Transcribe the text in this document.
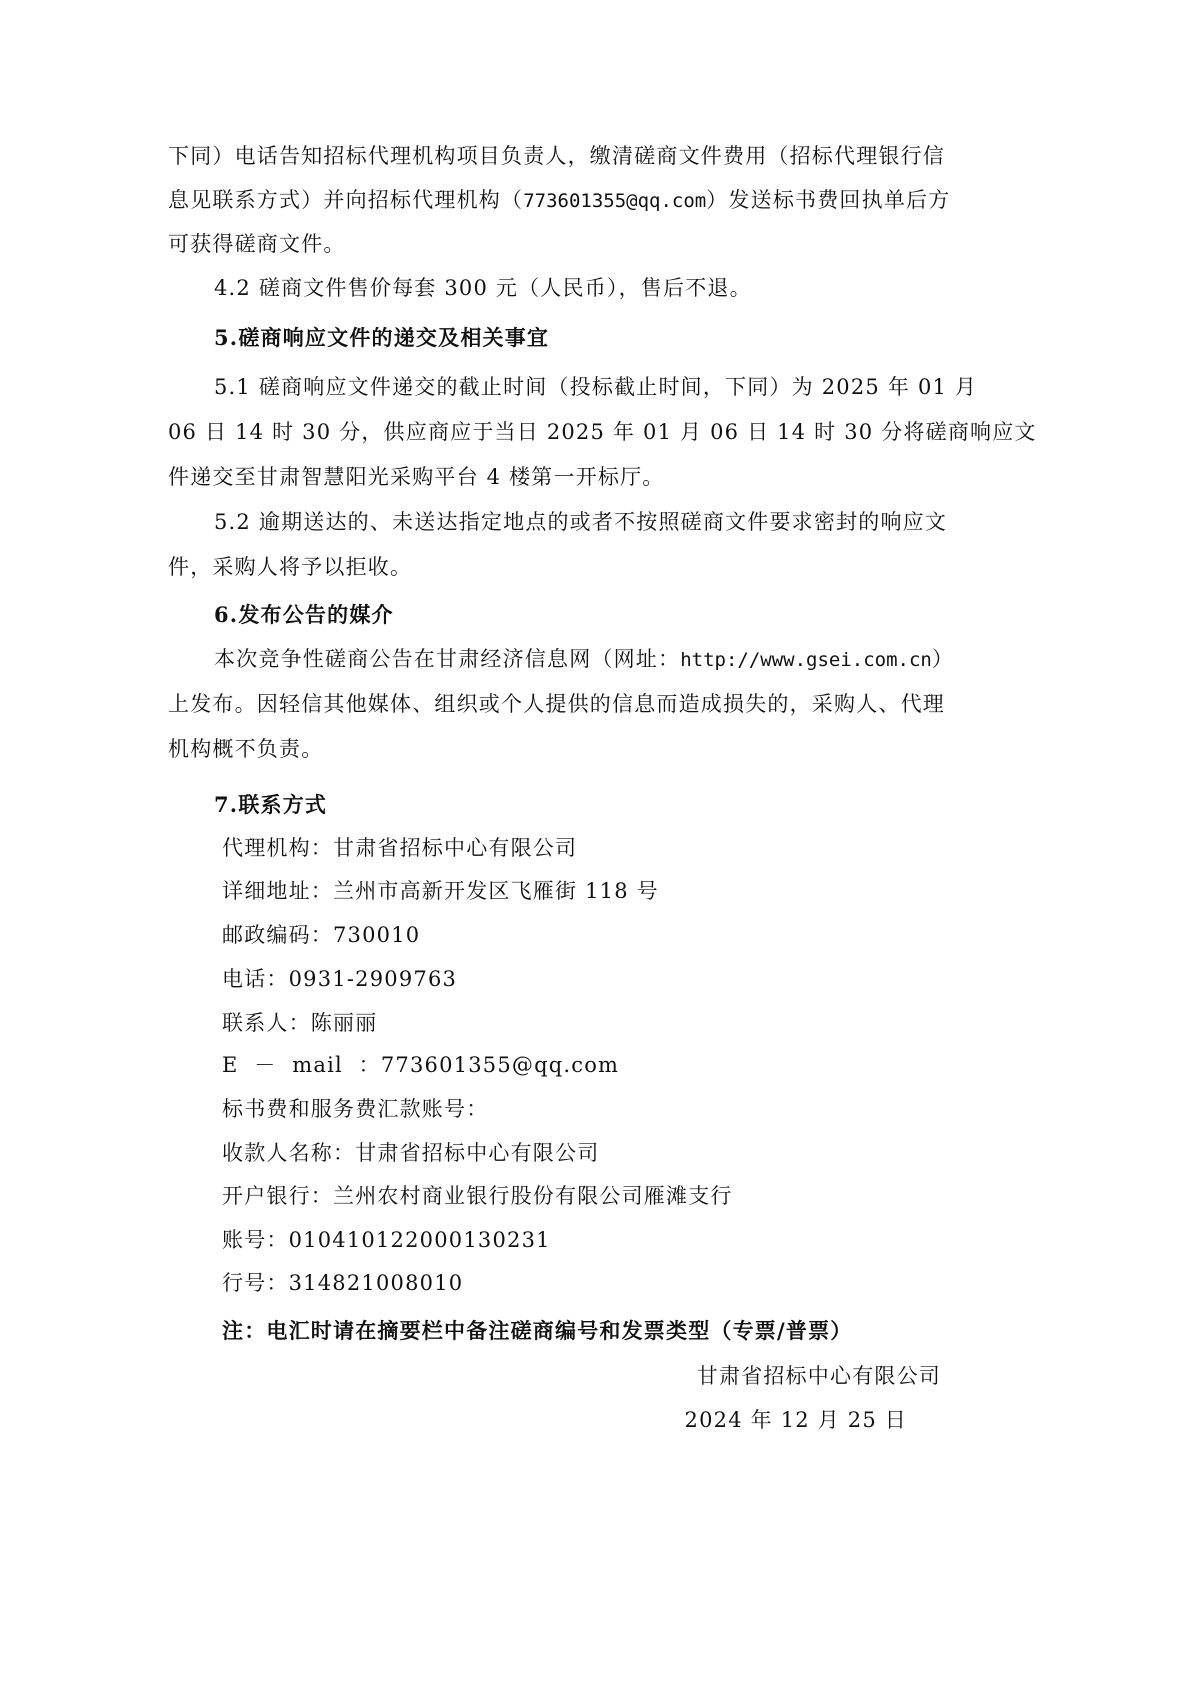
下同）电话告知招标代理机构项目负责人，缴清磋商文件费用（招标代理银行信
息见联系方式）并向招标代理机构（773601355@qq.com）发送标书费回执单后方
可获得磋商文件。
4.2 磋商文件售价每套 300 元（人民币），售后不退。
5.磋商响应文件的递交及相关事宜
5.1 磋商响应文件递交的截止时间（投标截止时间，下同）为 2025 年 01 月
06 日 14 时 30 分，供应商应于当日 2025 年 01 月 06 日 14 时 30 分将磋商响应文
件递交至甘肃智慧阳光采购平台 4 楼第一开标厅。
5.2 逾期送达的、未送达指定地点的或者不按照磋商文件要求密封的响应文
件，采购人将予以拒收。
6.发布公告的媒介
本次竞争性磋商公告在甘肃经济信息网（网址：http://www.gsei.com.cn）
上发布。因轻信其他媒体、组织或个人提供的信息而造成损失的，采购人、代理
机构概不负责。
7.联系方式
代理机构：甘肃省招标中心有限公司
详细地址：兰州市高新开发区飞雁街 118 号
邮政编码：730010
电话：0931-2909763
联系人：陈丽丽
E  －  mail  ：773601355@qq.com
标书费和服务费汇款账号：
收款人名称：甘肃省招标中心有限公司
开户银行：兰州农村商业银行股份有限公司雁滩支行
账号：010410122000130231
行号：314821008010
注：电汇时请在摘要栏中备注磋商编号和发票类型（专票/普票）
甘肃省招标中心有限公司
2024 年 12 月 25 日
